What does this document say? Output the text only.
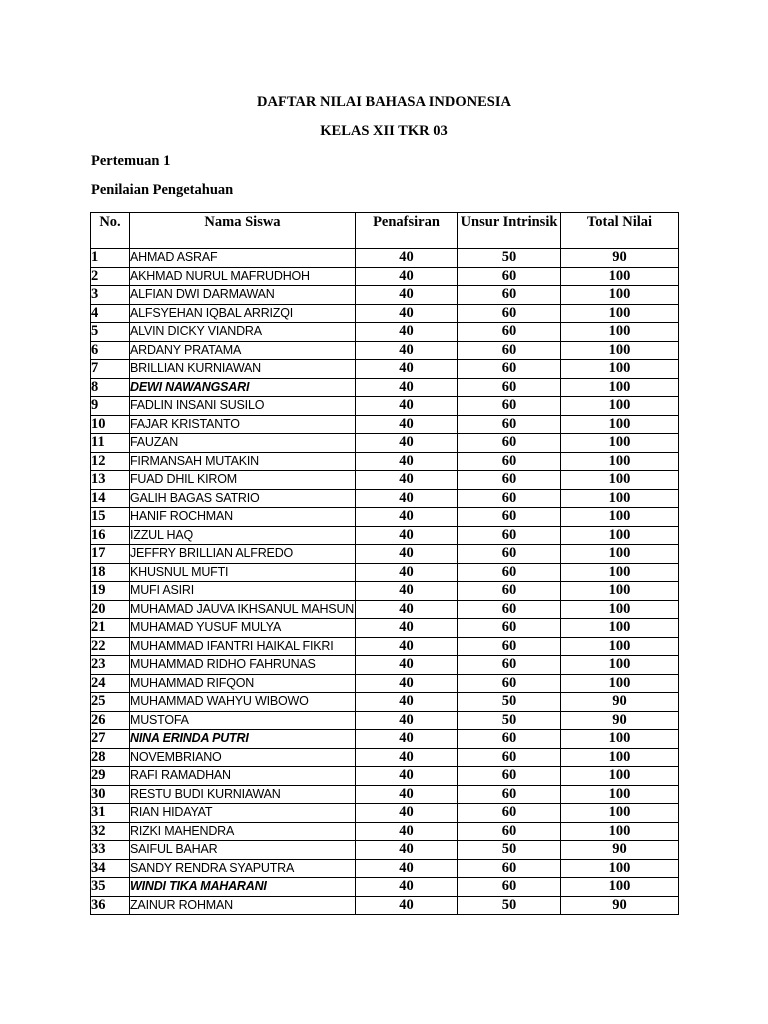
DAFTAR NILAI BAHASA INDONESIA
KELAS XII TKR 03
Pertemuan 1
Penilaian Pengetahuan
No.	Nama Siswa	Penafsiran	Unsur Intrinsik	Total Nilai
1	AHMAD ASRAF	40	50	90
2	AKHMAD NURUL MAFRUDHOH	40	60	100
3	ALFIAN DWI DARMAWAN	40	60	100
4	ALFSYEHAN IQBAL ARRIZQI	40	60	100
5	ALVIN DICKY VIANDRA	40	60	100
6	ARDANY PRATAMA	40	60	100
7	BRILLIAN KURNIAWAN	40	60	100
8	DEWI NAWANGSARI	40	60	100
9	FADLIN INSANI SUSILO	40	60	100
10	FAJAR KRISTANTO	40	60	100
11	FAUZAN	40	60	100
12	FIRMANSAH MUTAKIN	40	60	100
13	FUAD DHIL KIROM	40	60	100
14	GALIH BAGAS SATRIO	40	60	100
15	HANIF ROCHMAN	40	60	100
16	IZZUL HAQ	40	60	100
17	JEFFRY BRILLIAN ALFREDO	40	60	100
18	KHUSNUL MUFTI	40	60	100
19	MUFI ASIRI	40	60	100
20	MUHAMAD JAUVA IKHSANUL MAHSUN	40	60	100
21	MUHAMAD YUSUF MULYA	40	60	100
22	MUHAMMAD IFANTRI HAIKAL FIKRI	40	60	100
23	MUHAMMAD RIDHO FAHRUNAS	40	60	100
24	MUHAMMAD RIFQON	40	60	100
25	MUHAMMAD WAHYU WIBOWO	40	50	90
26	MUSTOFA	40	50	90
27	NINA ERINDA PUTRI	40	60	100
28	NOVEMBRIANO	40	60	100
29	RAFI RAMADHAN	40	60	100
30	RESTU BUDI KURNIAWAN	40	60	100
31	RIAN HIDAYAT	40	60	100
32	RIZKI MAHENDRA	40	60	100
33	SAIFUL BAHAR	40	50	90
34	SANDY RENDRA SYAPUTRA	40	60	100
35	WINDI TIKA MAHARANI	40	60	100
36	ZAINUR ROHMAN	40	50	90
